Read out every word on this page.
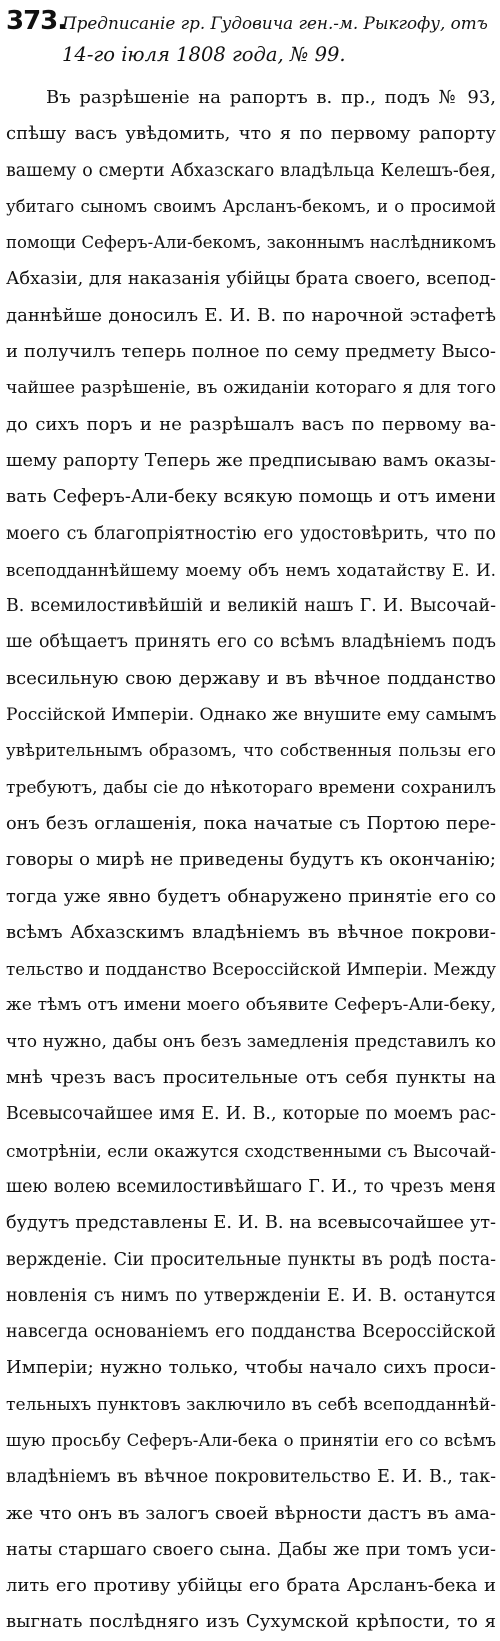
373.
Предписаніе гр. Гудовича ген.-м. Рыкгофу, отъ
14-го іюля 1808 года, № 99.
Въ разрѣшеніе на рапортъ в. пр., подъ № 93,
спѣшу васъ увѣдомить, что я по первому рапорту
вашему о смерти Абхазскаго владѣльца Келешъ-бея,
убитаго сыномъ своимъ Арсланъ-бекомъ, и о просимой
помощи Сеферъ-Али-бекомъ, законнымъ наслѣдникомъ
Абхазіи, для наказанія убійцы брата своего, всепод-
даннѣйше доносилъ Е. И. В. по нарочной эстафетѣ
и получилъ теперь полное по сему предмету Высо-
чайшее разрѣшеніе, въ ожиданіи котораго я для того
до сихъ поръ и не разрѣшалъ васъ по первому ва-
шему рапорту Теперь же предписываю вамъ оказы-
вать Сеферъ-Али-беку всякую помощь и отъ имени
моего съ благопріятностію его удостовѣрить, что по
всеподданнѣйшему моему объ немъ ходатайству Е. И.
В. всемилостивѣйшій и великій нашъ Г. И. Высочай-
ше обѣщаетъ принять его со всѣмъ владѣніемъ подъ
всесильную свою державу и въ вѣчное подданство
Россійской Имперіи. Однако же внушите ему самымъ
увѣрительнымъ образомъ, что собственныя пользы его
требуютъ, дабы сіе до нѣкотораго времени сохранилъ
онъ безъ оглашенія, пока начатые съ Портою пере-
говоры о мирѣ не приведены будутъ къ окончанію;
тогда уже явно будетъ обнаружено принятіе его со
всѣмъ Абхазскимъ владѣніемъ въ вѣчное покрови-
тельство и подданство Всероссійской Имперіи. Между
же тѣмъ отъ имени моего объявите Сеферъ-Али-беку,
что нужно, дабы онъ безъ замедленія представилъ ко
мнѣ чрезъ васъ просительные отъ себя пункты на
Всевысочайшее имя Е. И. В., которые по моемъ рас-
смотрѣніи, если окажутся сходственными съ Высочай-
шею волею всемилостивѣйшаго Г. И., то чрезъ меня
будутъ представлены Е. И. В. на всевысочайшее ут-
вержденіе. Сіи просительные пункты въ родѣ поста-
новленія съ нимъ по утвержденіи Е. И. В. останутся
навсегда основаніемъ его подданства Всероссійской
Имперіи; нужно только, чтобы начало сихъ проси-
тельныхъ пунктовъ заключило въ себѣ всеподданнѣй-
шую просьбу Сеферъ-Али-бека о принятіи его со всѣмъ
владѣніемъ въ вѣчное покровительство Е. И. В., так-
же что онъ въ залогъ своей вѣрности дастъ въ ама-
наты старшаго своего сына. Дабы же при томъ уси-
лить его противу убійцы его брата Арсланъ-бека и
выгнать послѣдняго изъ Сухумской крѣпости, то я
